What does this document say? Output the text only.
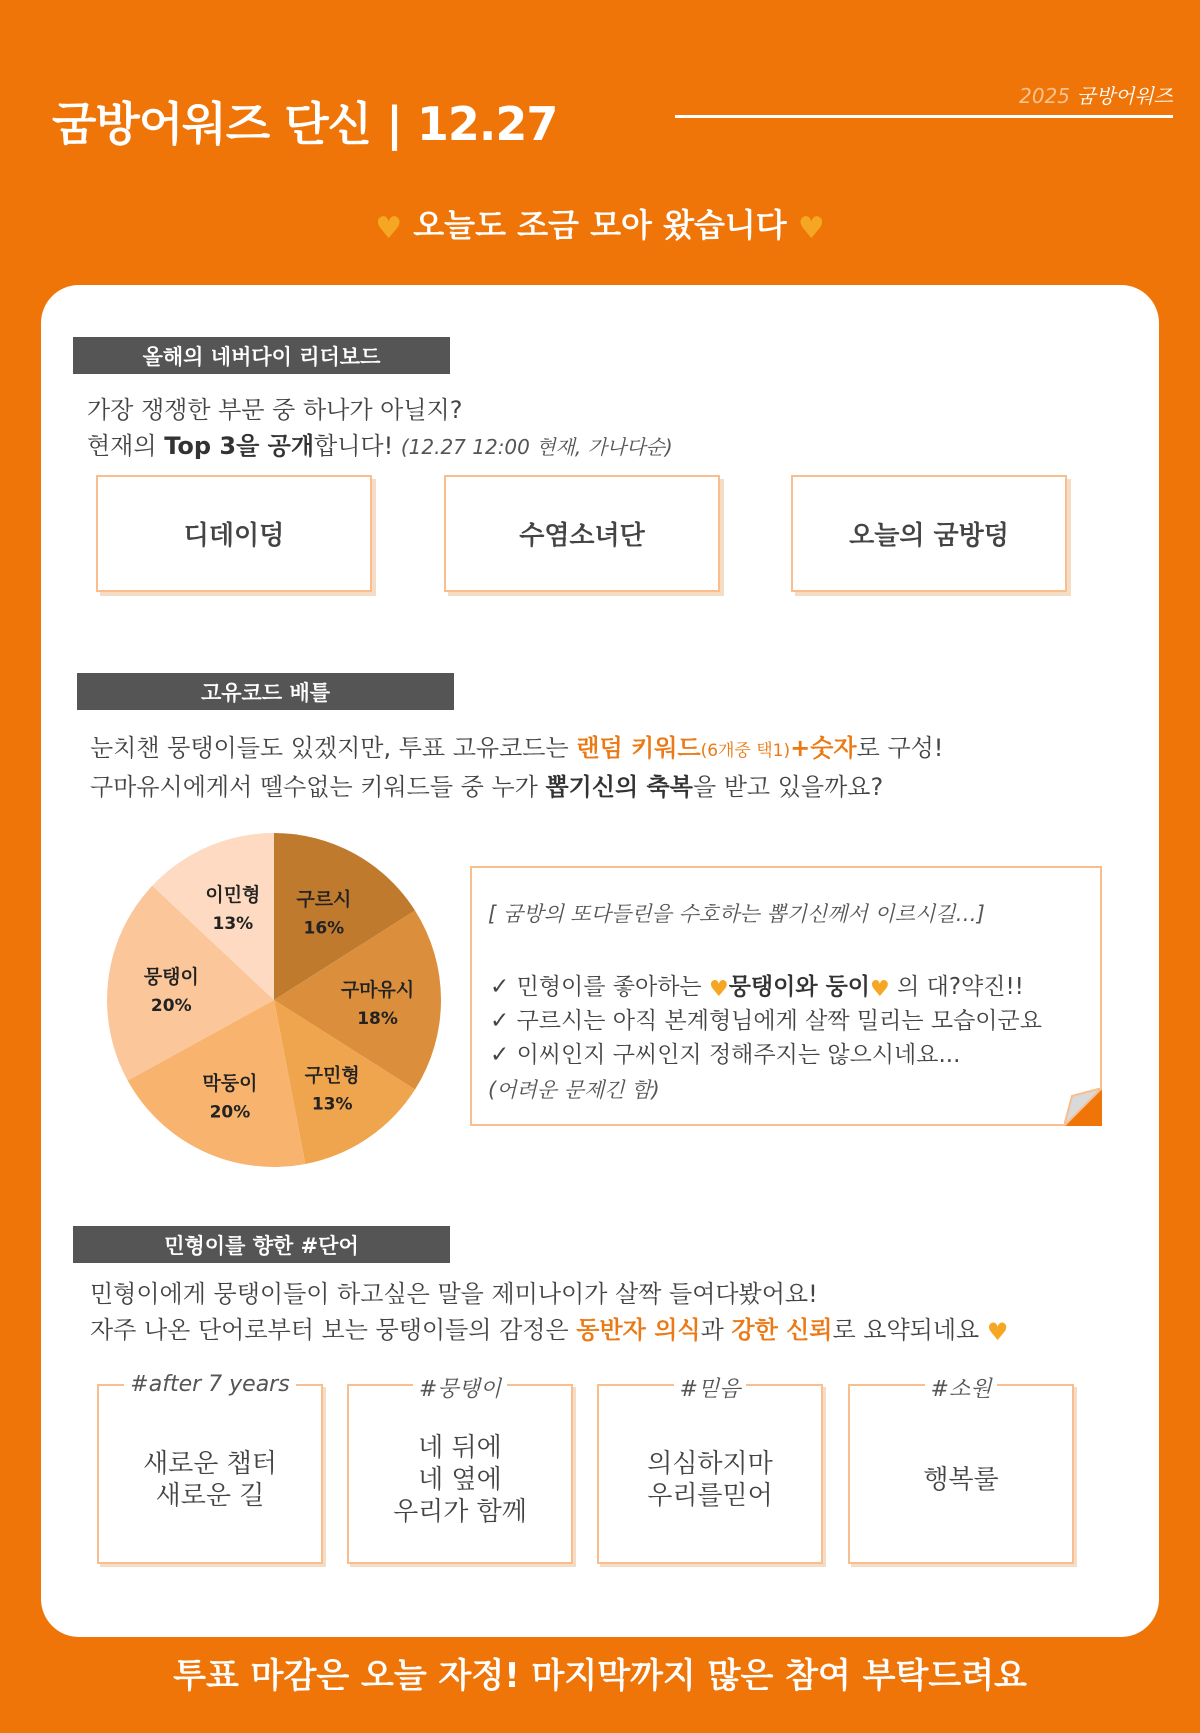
굼방어워즈 단신 | 12.27
2025 굼방어워즈
♥ 오늘도 조금 모아 왔습니다 ♥
올해의 네버다이 리더보드
가장 쟁쟁한 부문 중 하나가 아닐지?
현재의 Top 3을 공개합니다! (12.27 12:00 현재, 가나다순)
디데이덩	수염소녀단	오늘의 굼방덩
고유코드 배틀
눈치챈 뭉탱이들도 있겠지만, 투표 고유코드는 랜덤 키워드(6개중 택1)+숫자로 구성!
구마유시에게서 뗄수없는 키워드들 중 누가 뽑기신의 축복을 받고 있을까요?
구르시
16%
구마유시
18%
구민형
13%
막둥이
20%
뭉탱이
20%
이민형
13%	[ 굼방의 또다들린을 수호하는 뽑기신께서 이르시길…]
✓ 민형이를 좋아하는 ♥뭉탱이와 둥이♥ 의 대?약진!!
✓ 구르시는 아직 본계형님에게 살짝 밀리는 모습이군요
✓ 이씨인지 구씨인지 정해주지는 않으시네요...
(어려운 문제긴 함)
민형이를 향한 #단어
민형이에게 뭉탱이들이 하고싶은 말을 제미나이가 살짝 들여다봤어요!
자주 나온 단어로부터 보는 뭉탱이들의 감정은 동반자 의식과 강한 신뢰로 요약되네요 ♥
#after 7 years
새로운 챕터
새로운 길
#뭉탱이
네 뒤에
네 옆에
우리가 함께
#믿음
의심하지마
우리를믿어
#소원
행복룰
투표 마감은 오늘 자정! 마지막까지 많은 참여 부탁드려요
